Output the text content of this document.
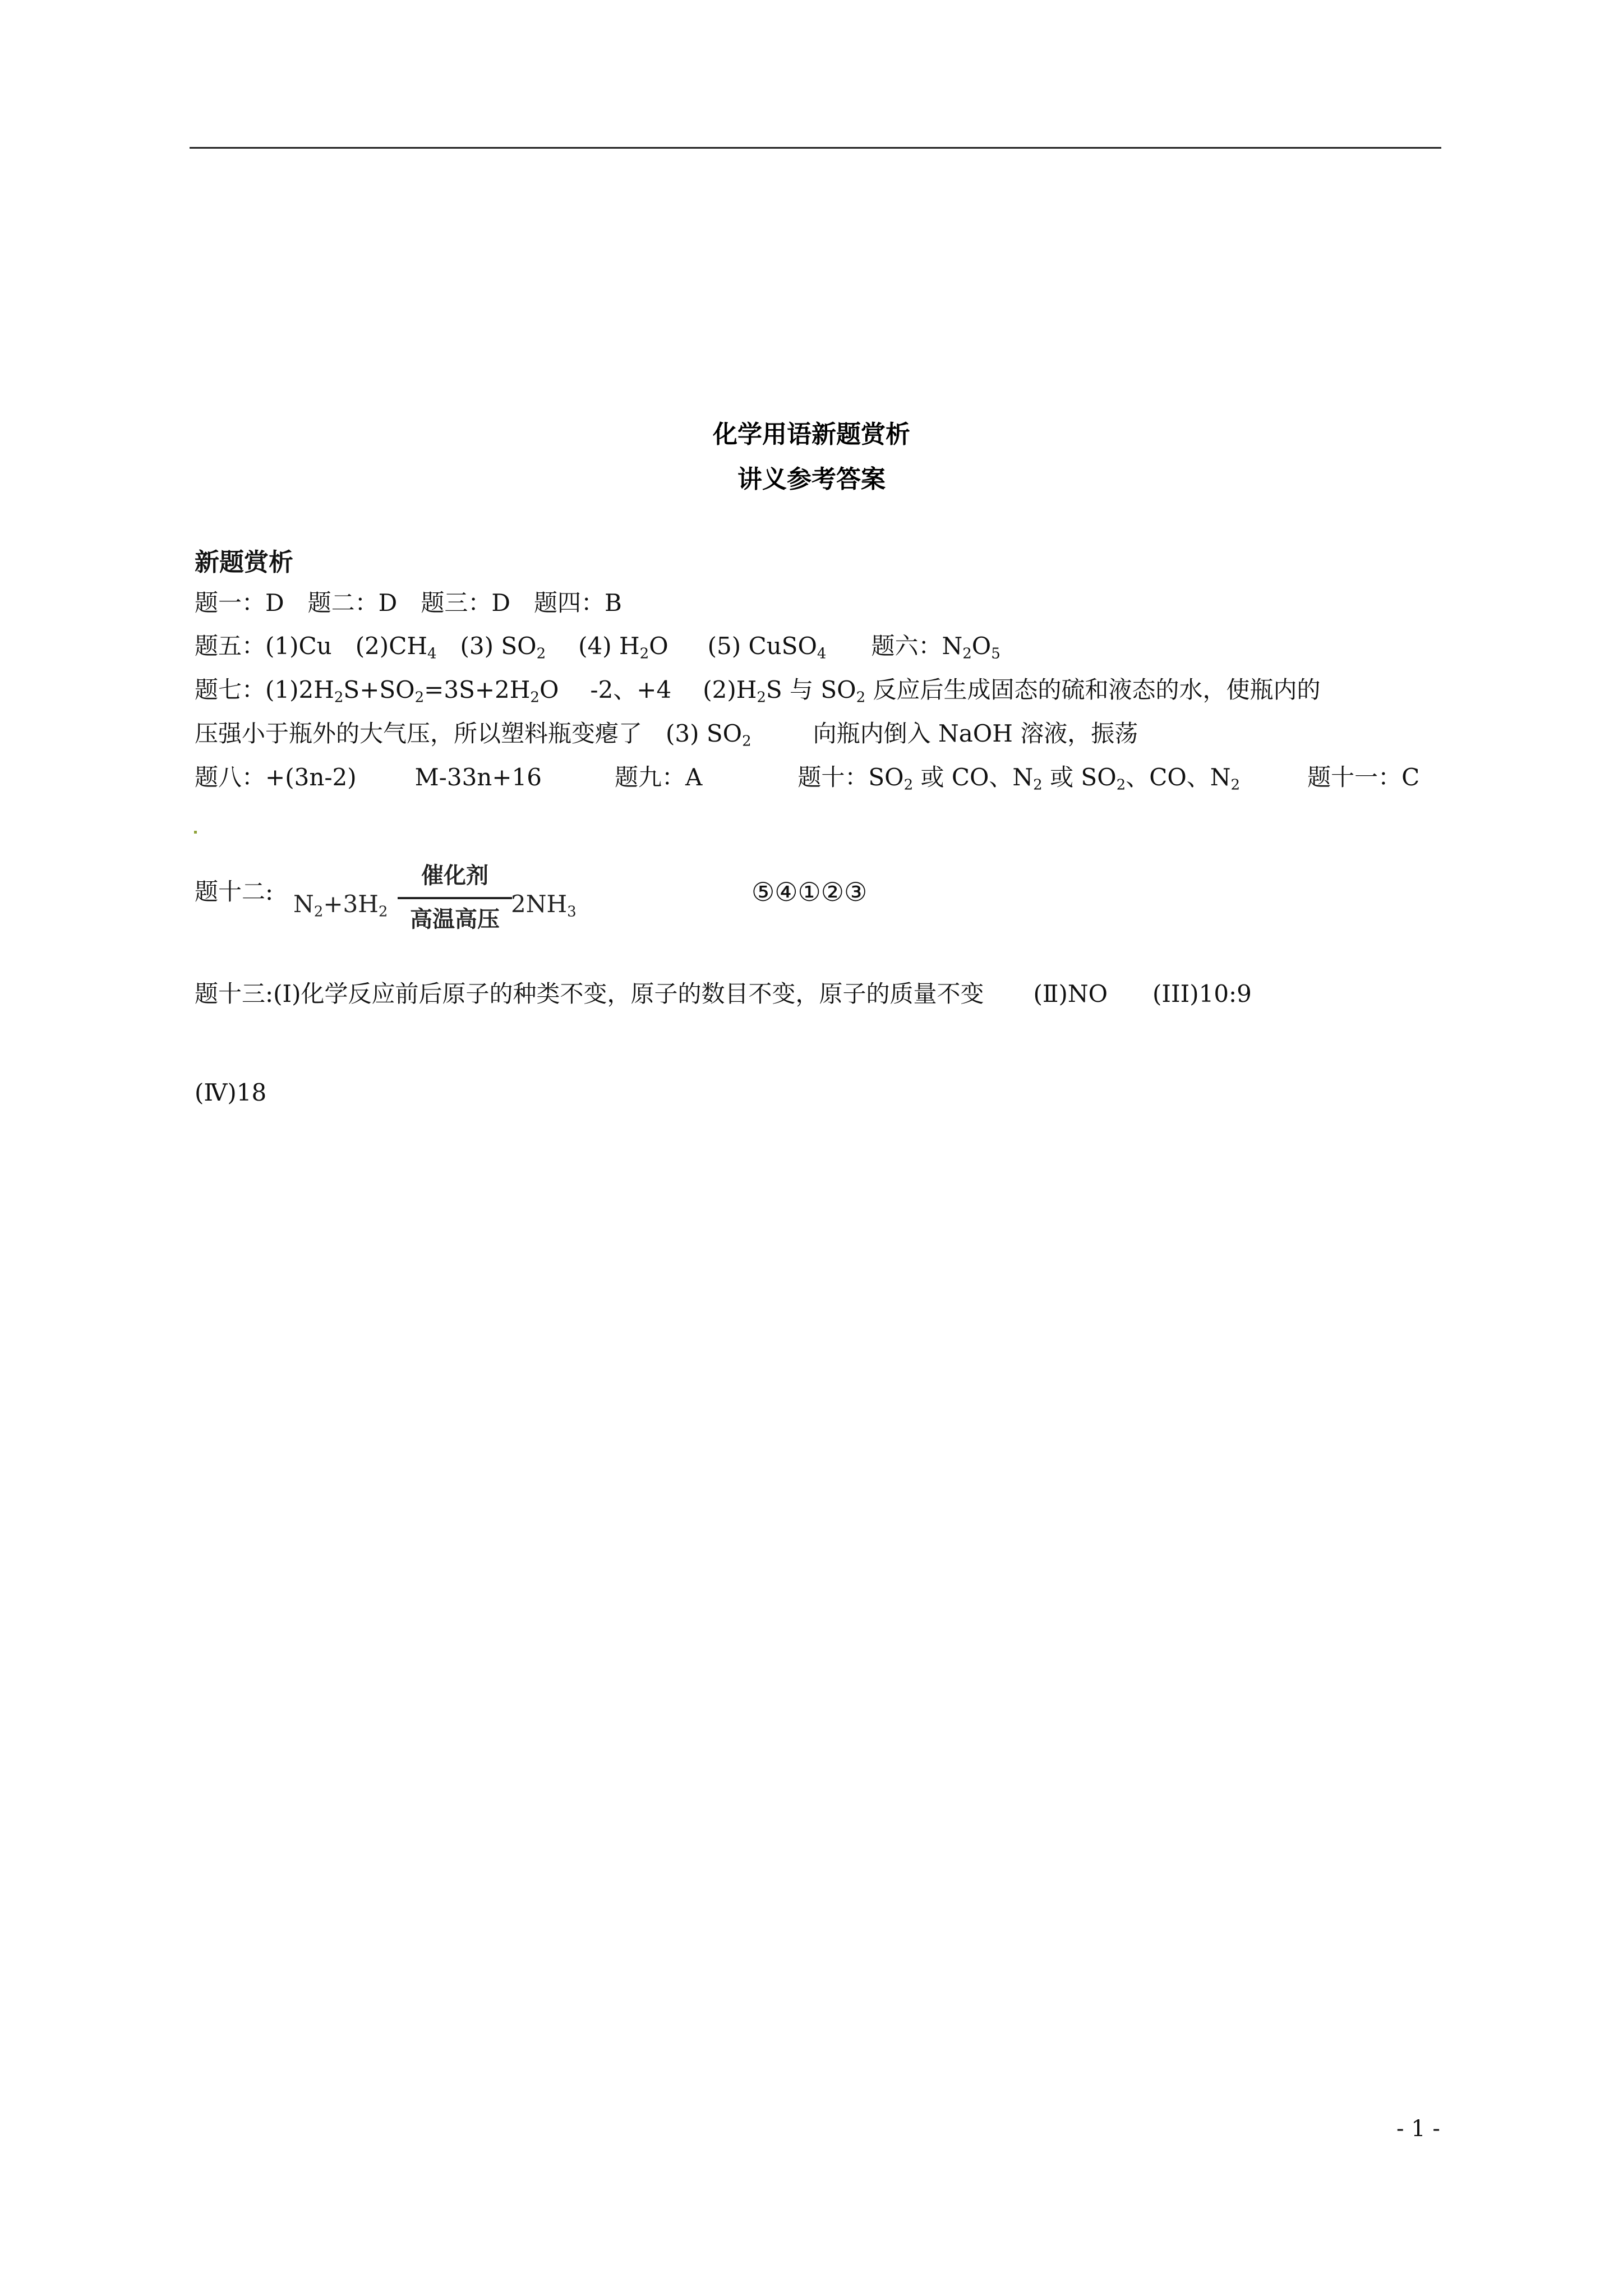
化学用语新题赏析
讲义参考答案
新题赏析
题一：D　题二：D　题三：D　题四：B
题五：(1)Cu $(2)CH_4$ (3) $SO_2$ (4) $H_2O$ (5) CuSO$_4$ 题六：$N_2O_5$
题七：$(1)2H_2S+SO_2=3S+2H_2O$ -2、+4 $(2)H_2S$ 与 $SO_2$ 反应后生成固态的硫和液态的水，使瓶内的
压强小于瓶外的大气压，所以塑料瓶变瘪了 (3) $SO_2$	向瓶内倒入 NaOH 溶液，振荡
题八：+(3n-2) M-33n+16	题九：A	题十：$SO_2$ 或 CO、$N_2$ 或 $SO_2$、CO、$N_2$	题十一：C
题十二: $N_2+3H_2$
催化剂
高温高压
$2NH_3$
⑤④①②③
题十三:(Ⅰ)化学反应前后原子的种类不变，原子的数目不变，原子的质量不变 (Ⅱ)NO (III)10:9
(Ⅳ)18
- 1 -
